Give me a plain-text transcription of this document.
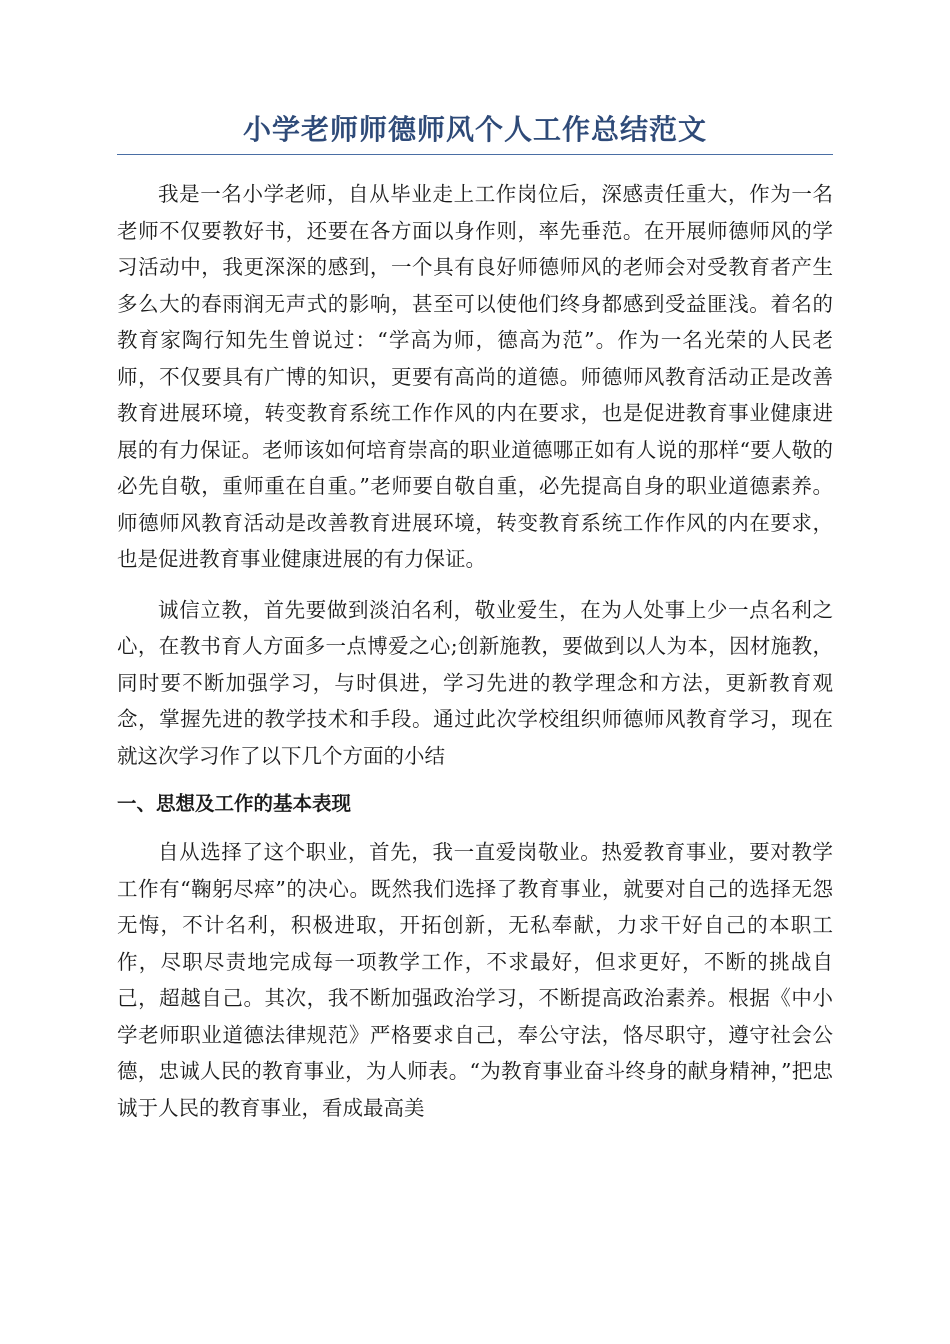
小学老师师德师风个人工作总结范文

我是一名小学老师，自从毕业走上工作岗位后，深感责任重大，作为一名老师不仅要教好书，还要在各方面以身作则，率先垂范。在开展师德师风的学习活动中，我更深深的感到，一个具有良好师德师风的老师会对受教育者产生多么大的春雨润无声式的影响，甚至可以使他们终身都感到受益匪浅。着名的教育家陶行知先生曾说过：“学高为师，德高为范”。作为一名光荣的人民老师，不仅要具有广博的知识，更要有高尚的道德。师德师风教育活动正是改善教育进展环境，转变教育系统工作作风的内在要求，也是促进教育事业健康进展的有力保证。老师该如何培育崇高的职业道德哪正如有人说的那样“要人敬的必先自敬，重师重在自重。”老师要自敬自重，必先提高自身的职业道德素养。师德师风教育活动是改善教育进展环境，转变教育系统工作作风的内在要求，也是促进教育事业健康进展的有力保证。

诚信立教，首先要做到淡泊名利，敬业爱生，在为人处事上少一点名利之心，在教书育人方面多一点博爱之心;创新施教，要做到以人为本，因材施教，同时要不断加强学习，与时俱进，学习先进的教学理念和方法，更新教育观念，掌握先进的教学技术和手段。通过此次学校组织师德师风教育学习，现在就这次学习作了以下几个方面的小结

一、思想及工作的基本表现

自从选择了这个职业，首先，我一直爱岗敬业。热爱教育事业，要对教学工作有“鞠躬尽瘁”的决心。既然我们选择了教育事业，就要对自己的选择无怨无悔，不计名利，积极进取，开拓创新，无私奉献，力求干好自己的本职工作，尽职尽责地完成每一项教学工作，不求最好，但求更好，不断的挑战自己，超越自己。其次，我不断加强政治学习，不断提高政治素养。根据《中小学老师职业道德法律规范》严格要求自己，奉公守法，恪尽职守，遵守社会公德，忠诚人民的教育事业，为人师表。“为教育事业奋斗终身的献身精神，”把忠诚于人民的教育事业，看成最高美
